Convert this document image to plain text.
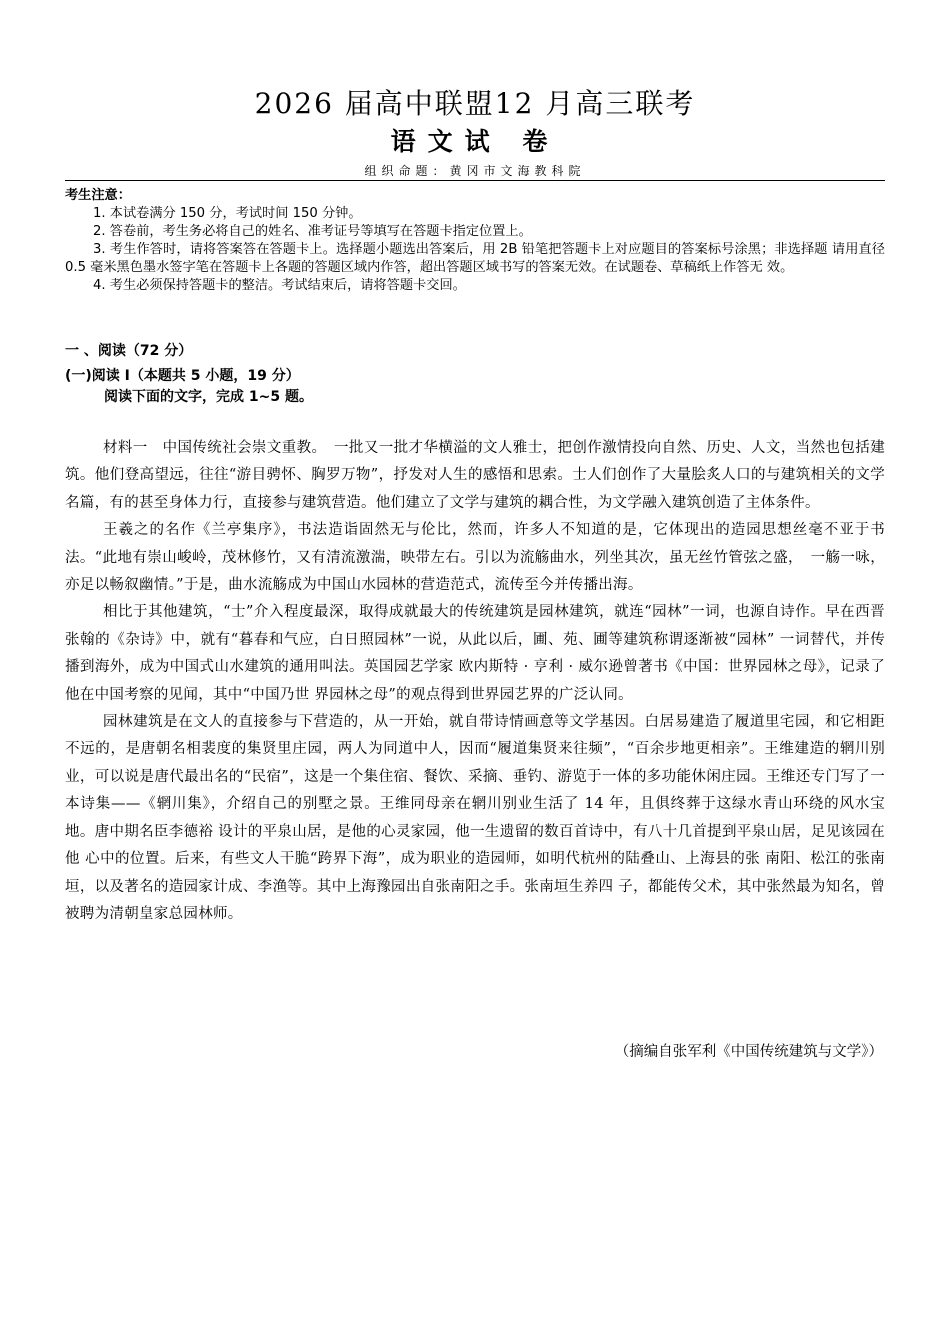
2026 届高中联盟12 月高三联考
语文试 卷
组织命题：黄冈市文海教科院
考生注意：
1. 本试卷满分 150 分，考试时间 150 分钟。
2. 答卷前，考生务必将自己的姓名、准考证号等填写在答题卡指定位置上。
3. 考生作答时，请将答案答在答题卡上。选择题小题选出答案后，用 2B 铅笔把答题卡上对应题目的答案标号涂黑；非选择题 请用直径 0.5 毫米黑色墨水签字笔在答题卡上各题的答题区域内作答，超出答题区域书写的答案无效。在试题卷、草稿纸上作答无 效。
4. 考生必须保持答题卡的整洁。考试结束后，请将答题卡交回。
一 、阅读（72 分）
(一)阅读 I（本题共 5 小题，19 分）
阅读下面的文字，完成 1~5 题。

材料一　中国传统社会崇文重教。　一批又一批才华横溢的文人雅士，把创作激情投向自然、历史、人文，当然也包括建筑。他们登高望远，往往“游目骋怀、胸罗万物”，抒发对人生的感悟和思索。士人们创作了大量脍炙人口的与建筑相关的文学名篇，有的甚至身体力行，直接参与建筑营造。他们建立了文学与建筑的耦合性，为文学融入建筑创造了主体条件。

王羲之的名作《兰亭集序》，书法造诣固然无与伦比，然而，许多人不知道的是，它体现出的造园思想丝毫不亚于书法。“此地有崇山峻岭，茂林修竹，又有清流激湍，映带左右。引以为流觞曲水，列坐其次，虽无丝竹管弦之盛，　一觞一咏，亦足以畅叙幽情。”于是，曲水流觞成为中国山水园林的营造范式，流传至今并传播出海。

相比于其他建筑，“士”介入程度最深，取得成就最大的传统建筑是园林建筑，就连“园林”一词，也源自诗作。早在西晋张翰的《杂诗》中，就有“暮春和气应，白日照园林”一说，从此以后，圃、苑、圃等建筑称谓逐渐被“园林” 一词替代，并传播到海外，成为中国式山水建筑的通用叫法。英国园艺学家 欧内斯特 · 亨利 · 威尔逊曾著书《中国：世界园林之母》，记录了他在中国考察的见闻，其中“中国乃世 界园林之母”的观点得到世界园艺界的广泛认同。

园林建筑是在文人的直接参与下营造的，从一开始，就自带诗情画意等文学基因。白居易建造了履道里宅园，和它相距不远的，是唐朝名相裴度的集贤里庄园，两人为同道中人，因而“履道集贤来往频”，“百余步地更相亲”。王维建造的辋川别业，可以说是唐代最出名的“民宿”，这是一个集住宿、餐饮、采摘、垂钓、游览于一体的多功能休闲庄园。王维还专门写了一本诗集——《辋川集》，介绍自己的别墅之景。王维同母亲在辋川别业生活了 14 年，且俱终葬于这绿水青山环绕的风水宝地。唐中期名臣李德裕 设计的平泉山居，是他的心灵家园，他一生遗留的数百首诗中，有八十几首提到平泉山居，足见该园在他 心中的位置。后来，有些文人干脆“跨界下海”，成为职业的造园师，如明代杭州的陆叠山、上海县的张 南阳、松江的张南垣，以及著名的造园家计成、李渔等。其中上海豫园出自张南阳之手。张南垣生养四 子，都能传父术，其中张然最为知名，曾被聘为清朝皇家总园林师。

（摘编自张军利《中国传统建筑与文学》）
